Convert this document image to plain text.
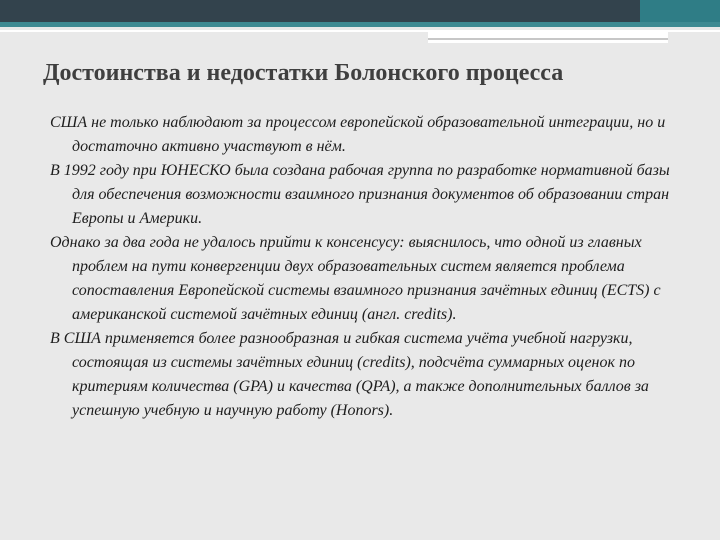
Достоинства и недостатки Болонского процесса

США не только наблюдают за процессом европейской образовательной интеграции, но и достаточно активно участвуют в нём.

В 1992 году при ЮНЕСКО была создана рабочая группа по разработке нормативной базы для обеспечения возможности взаимного признания документов об образовании стран Европы и Америки.

Однако за два года не удалось прийти к консенсусу: выяснилось, что одной из главных проблем на пути конвергенции двух образовательных систем является проблема сопоставления Европейской системы взаимного признания зачётных единиц (ECTS) с американской системой зачётных единиц (англ. credits).

В США применяется более разнообразная и гибкая система учёта учебной нагрузки, состоящая из системы зачётных единиц (credits), подсчёта суммарных оценок по критериям количества (GPA) и качества (QPA), а также дополнительных баллов за успешную учебную и научную работу (Honors).
